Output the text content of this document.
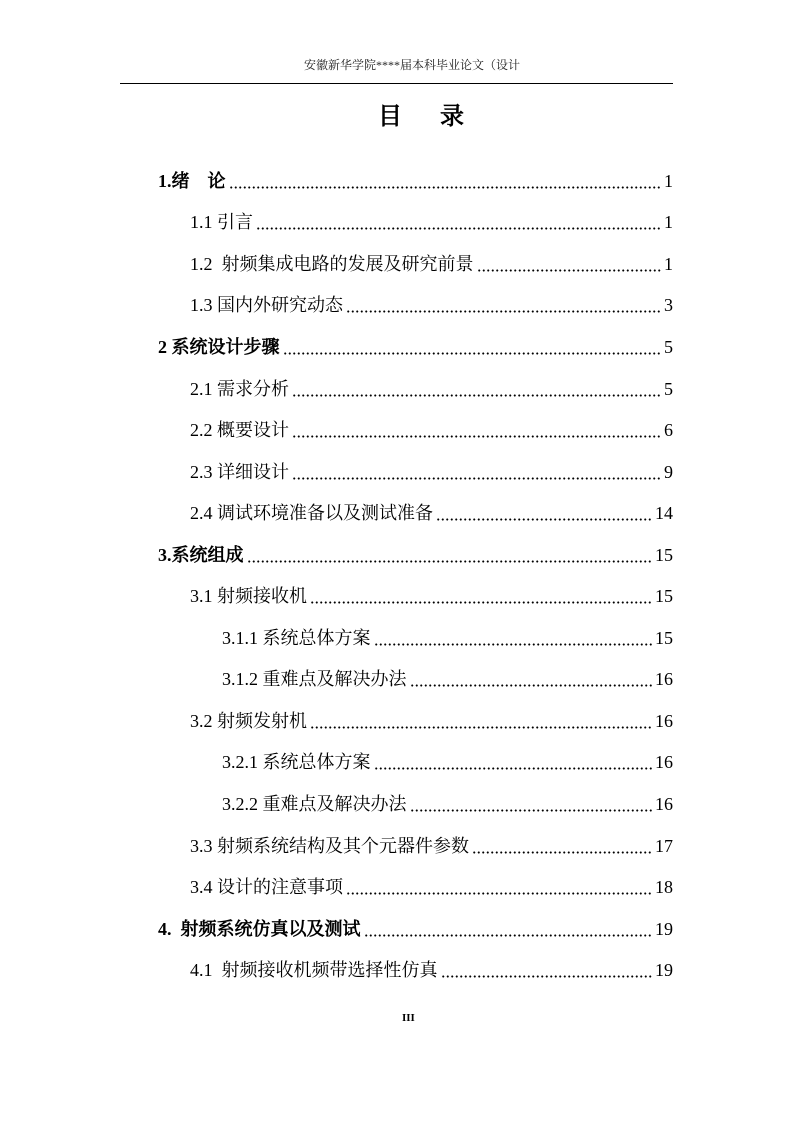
安徽新华学院****届本科毕业论文（设计
目 录
1.绪    论	1
1.1 引言	1
1.2  射频集成电路的发展及研究前景	1
1.3 国内外研究动态	3
2 系统设计步骤	5
2.1 需求分析	5
2.2 概要设计	6
2.3 详细设计	9
2.4 调试环境准备以及测试准备	14
3.系统组成	15
3.1 射频接收机	15
3.1.1 系统总体方案	15
3.1.2 重难点及解决办法	16
3.2 射频发射机	16
3.2.1 系统总体方案	16
3.2.2 重难点及解决办法	16
3.3 射频系统结构及其个元器件参数	17
3.4 设计的注意事项	18
4.  射频系统仿真以及测试	19
4.1  射频接收机频带选择性仿真	19
III
